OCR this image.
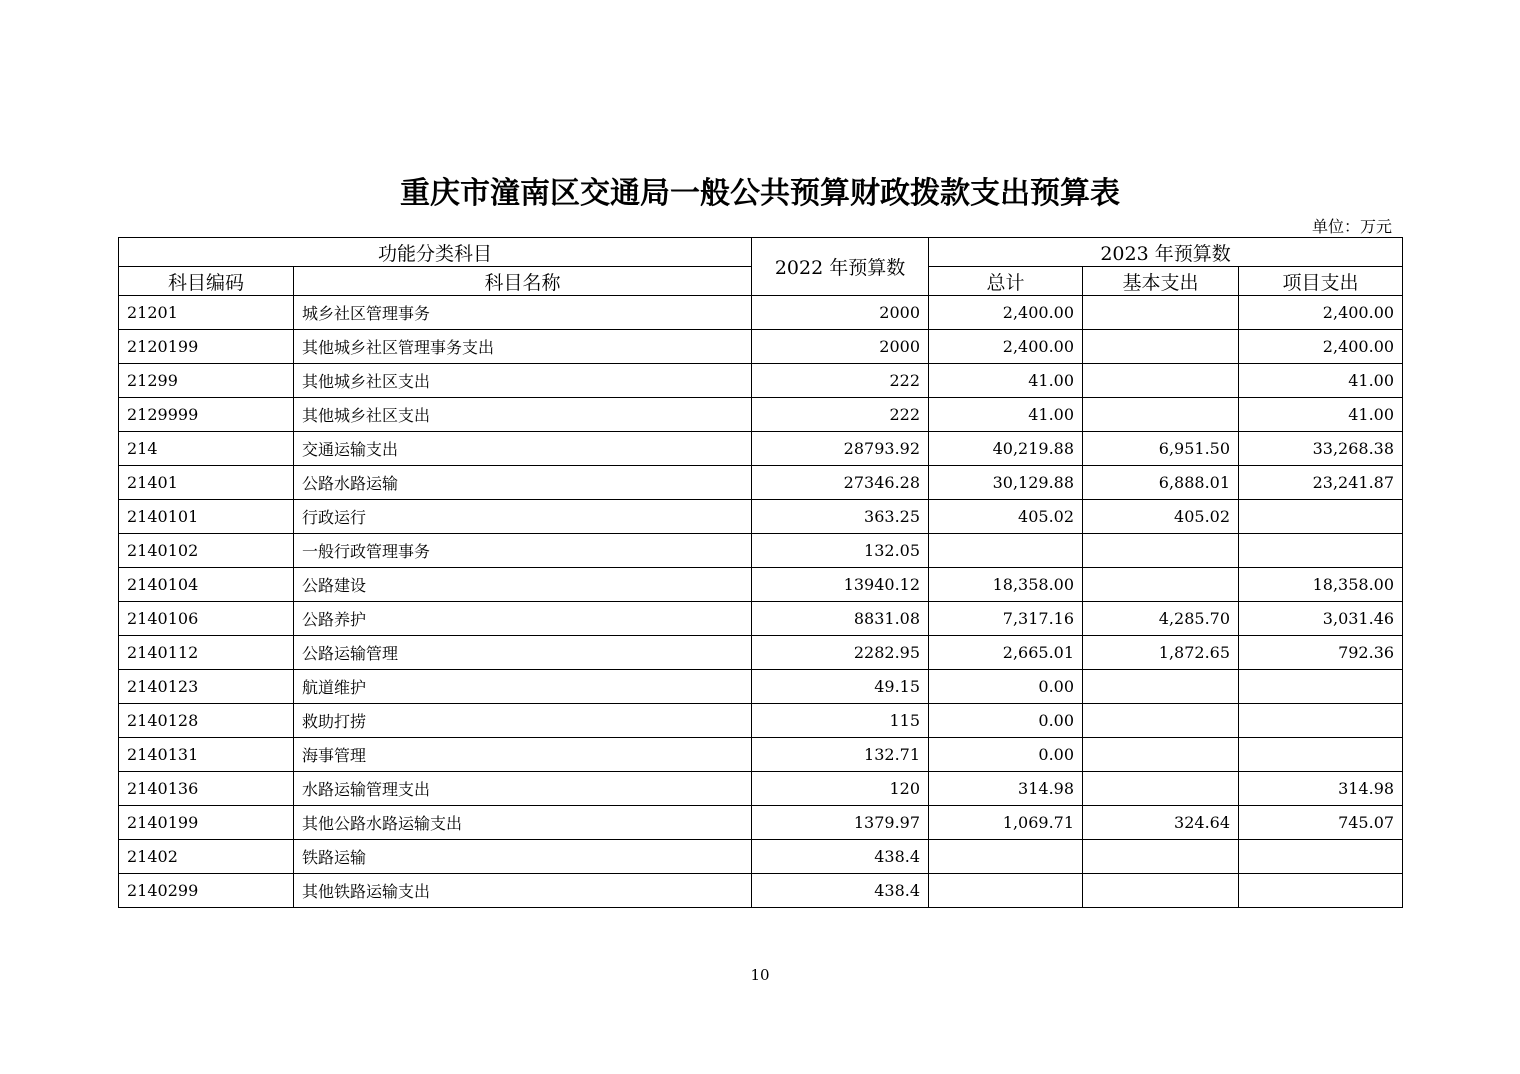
重庆市潼南区交通局一般公共预算财政拨款支出预算表
单位：万元
功能分类科目		2022 年预算数	2023 年预算数		
科目编码	科目名称		总计	基本支出	项目支出
21201	城乡社区管理事务	2000	2,400.00		2,400.00
2120199	其他城乡社区管理事务支出	2000	2,400.00		2,400.00
21299	其他城乡社区支出	222	41.00		41.00
2129999	其他城乡社区支出	222	41.00		41.00
214	交通运输支出	28793.92	40,219.88	6,951.50	33,268.38
21401	公路水路运输	27346.28	30,129.88	6,888.01	23,241.87
2140101	行政运行	363.25	405.02	405.02	
2140102	一般行政管理事务	132.05			
2140104	公路建设	13940.12	18,358.00		18,358.00
2140106	公路养护	8831.08	7,317.16	4,285.70	3,031.46
2140112	公路运输管理	2282.95	2,665.01	1,872.65	792.36
2140123	航道维护	49.15	0.00		
2140128	救助打捞	115	0.00		
2140131	海事管理	132.71	0.00		
2140136	水路运输管理支出	120	314.98		314.98
2140199	其他公路水路运输支出	1379.97	1,069.71	324.64	745.07
21402	铁路运输	438.4			
2140299	其他铁路运输支出	438.4			
10
